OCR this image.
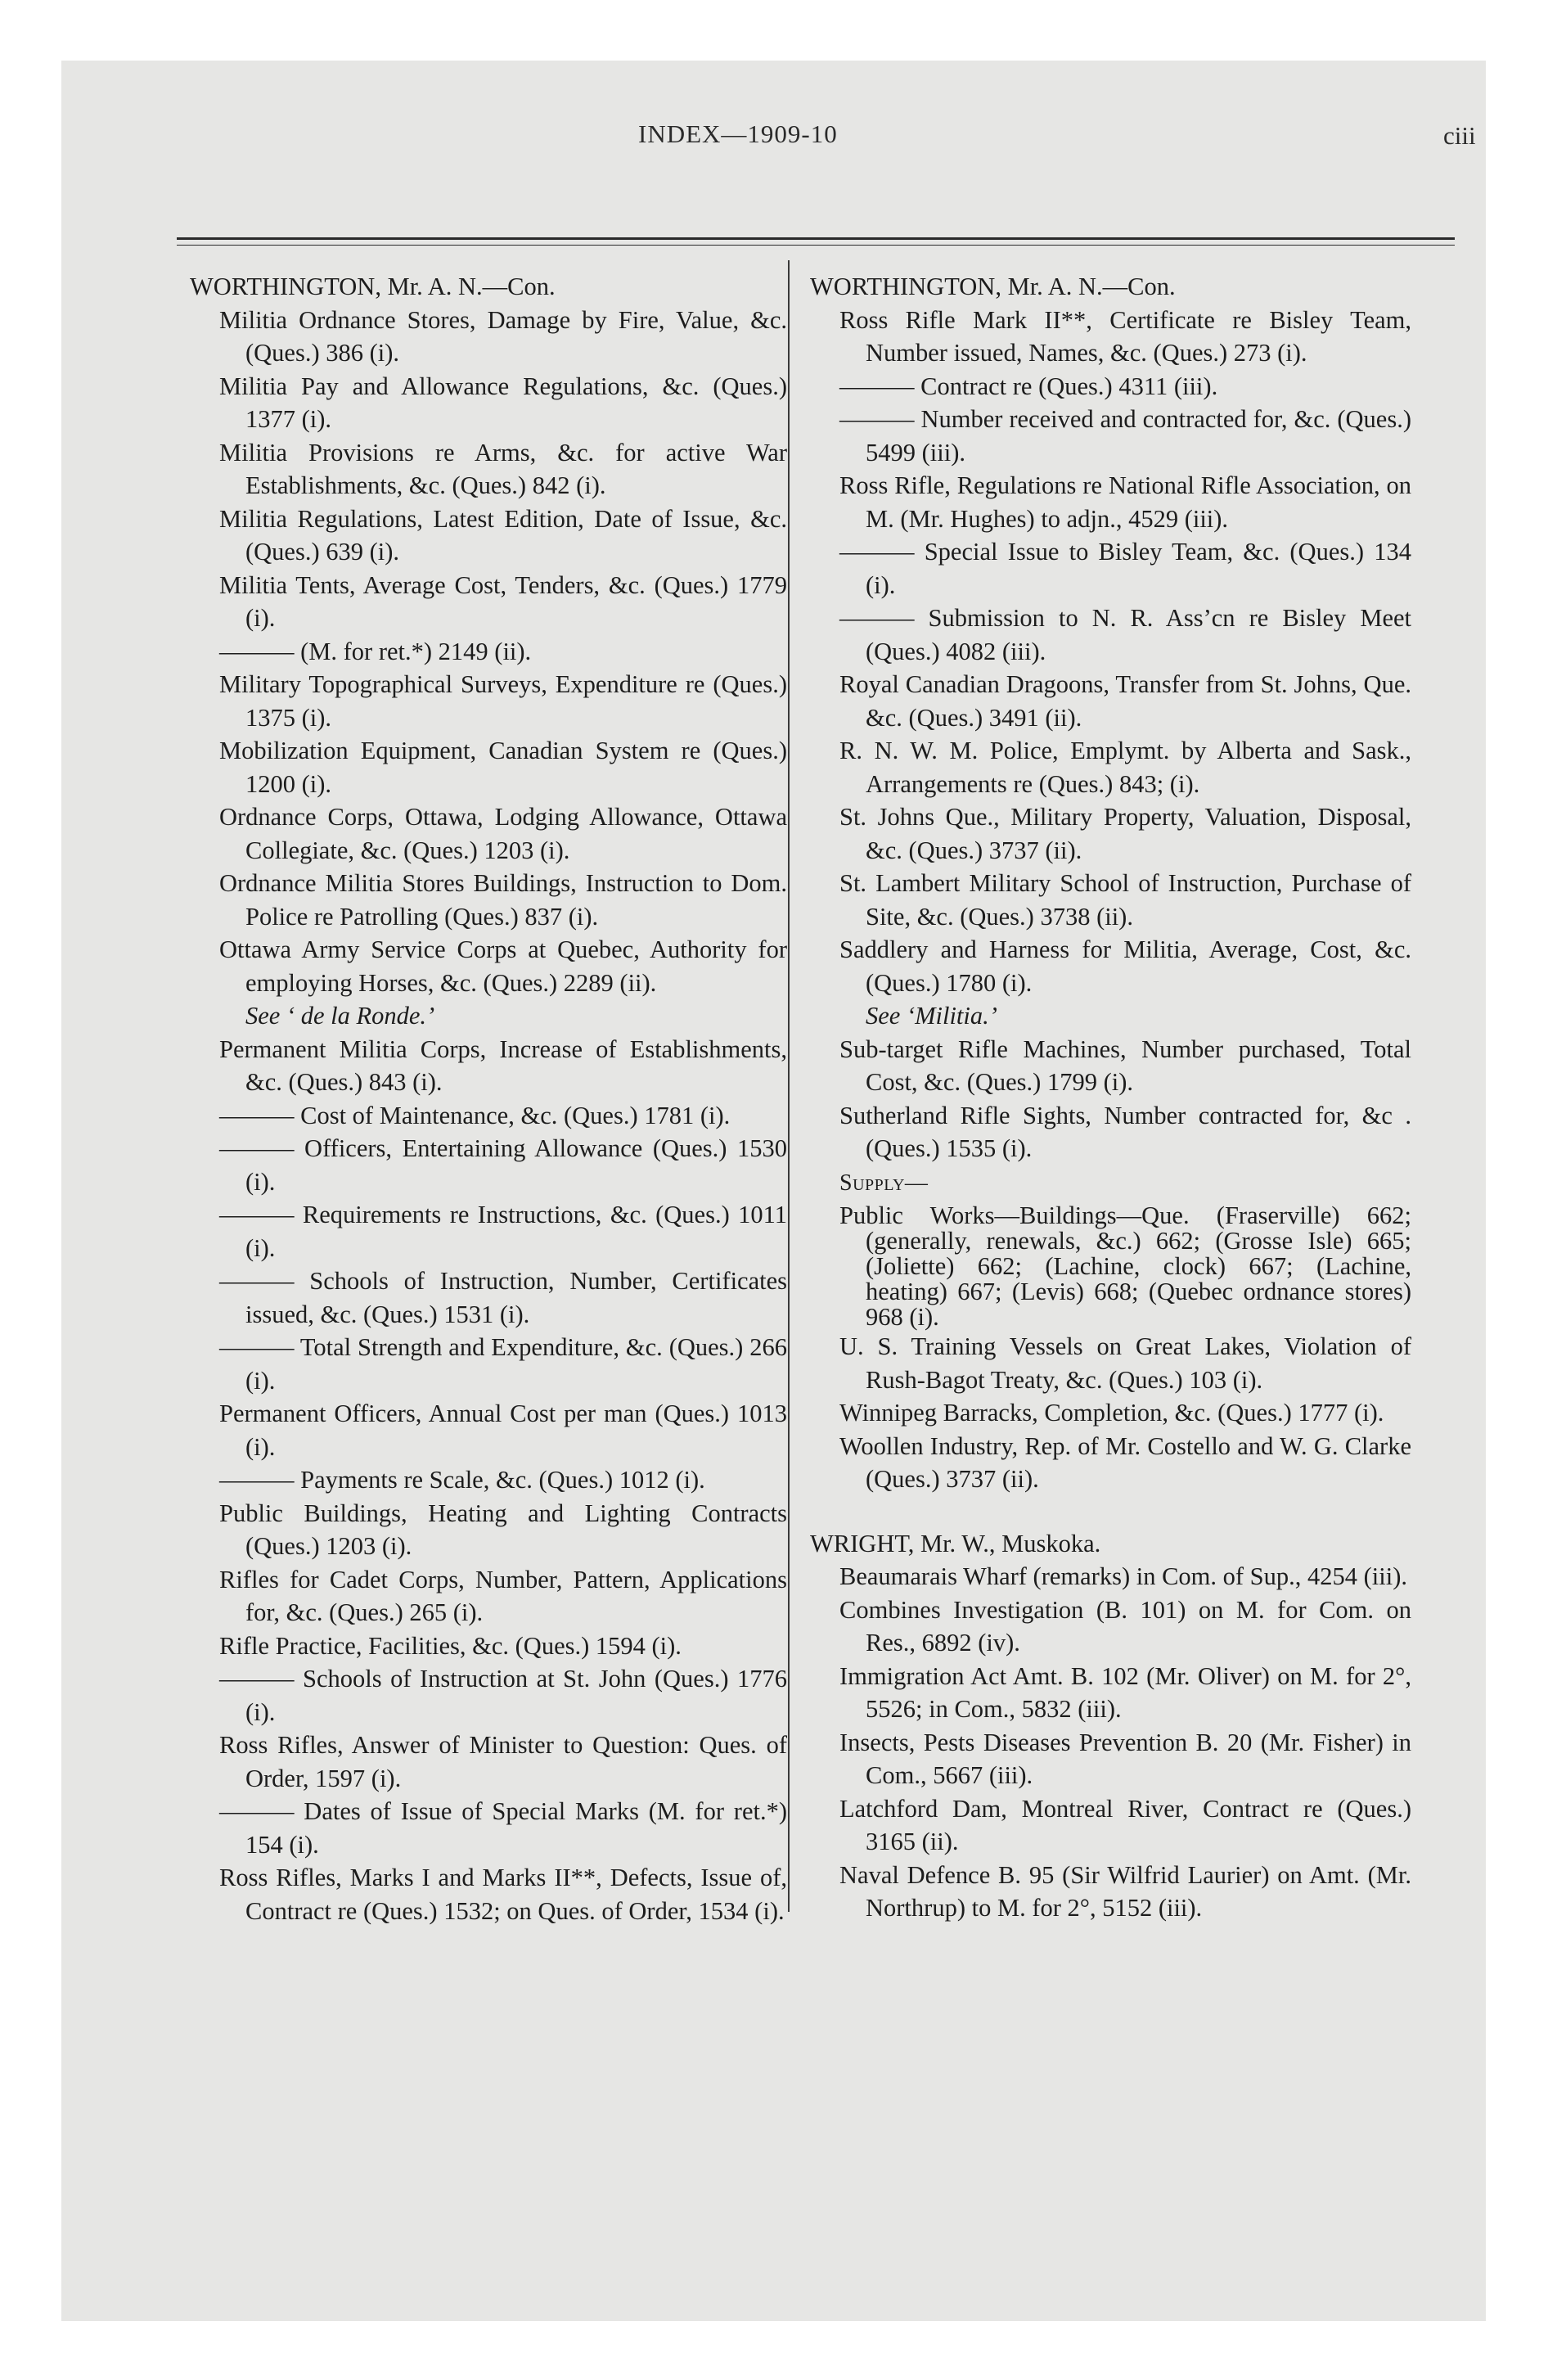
INDEX—1909-10	ciii

WORTHINGTON, Mr. A. N.—Con.

Militia Ordnance Stores, Damage by Fire, Value, &c. (Ques.) 386 (i).

Militia Pay and Allowance Regulations, &c. (Ques.) 1377 (i).

Militia Provisions re Arms, &c. for active War Establishments, &c. (Ques.) 842 (i).

Militia Regulations, Latest Edition, Date of Issue, &c. (Ques.) 639 (i).

Militia Tents, Average Cost, Tenders, &c. (Ques.) 1779 (i).

——— (M. for ret.*) 2149 (ii).

Military Topographical Surveys, Expenditure re (Ques.) 1375 (i).

Mobilization Equipment, Canadian System re (Ques.) 1200 (i).

Ordnance Corps, Ottawa, Lodging Allowance, Ottawa Collegiate, &c. (Ques.) 1203 (i).

Ordnance Militia Stores Buildings, Instruction to Dom. Police re Patrolling (Ques.) 837 (i).

Ottawa Army Service Corps at Quebec, Authority for employing Horses, &c. (Ques.) 2289 (ii).

See ‘ de la Ronde.’

Permanent Militia Corps, Increase of Establishments, &c. (Ques.) 843 (i).

——— Cost of Maintenance, &c. (Ques.) 1781 (i).

——— Officers, Entertaining Allowance (Ques.) 1530 (i).

——— Requirements re Instructions, &c. (Ques.) 1011 (i).

——— Schools of Instruction, Number, Certificates issued, &c. (Ques.) 1531 (i).

——— Total Strength and Expenditure, &c. (Ques.) 266 (i).

Permanent Officers, Annual Cost per man (Ques.) 1013 (i).

——— Payments re Scale, &c. (Ques.) 1012 (i).

Public Buildings, Heating and Lighting Contracts (Ques.) 1203 (i).

Rifles for Cadet Corps, Number, Pattern, Applications for, &c. (Ques.) 265 (i).

Rifle Practice, Facilities, &c. (Ques.) 1594 (i).

——— Schools of Instruction at St. John (Ques.) 1776 (i).

Ross Rifles, Answer of Minister to Question: Ques. of Order, 1597 (i).

——— Dates of Issue of Special Marks (M. for ret.*) 154 (i).

Ross Rifles, Marks I and Marks II**, Defects, Issue of, Contract re (Ques.) 1532; on Ques. of Order, 1534 (i).

WORTHINGTON, Mr. A. N.—Con.

Ross Rifle Mark II**, Certificate re Bisley Team, Number issued, Names, &c. (Ques.) 273 (i).

——— Contract re (Ques.) 4311 (iii).

——— Number received and contracted for, &c. (Ques.) 5499 (iii).

Ross Rifle, Regulations re National Rifle Association, on M. (Mr. Hughes) to adjn., 4529 (iii).

——— Special Issue to Bisley Team, &c. (Ques.) 134 (i).

——— Submission to N. R. Ass’cn re Bisley Meet (Ques.) 4082 (iii).

Royal Canadian Dragoons, Transfer from St. Johns, Que. &c. (Ques.) 3491 (ii).

R. N. W. M. Police, Emplymt. by Alberta and Sask., Arrangements re (Ques.) 843; (i).

St. Johns Que., Military Property, Valuation, Disposal, &c. (Ques.) 3737 (ii).

St. Lambert Military School of Instruction, Purchase of Site, &c. (Ques.) 3738 (ii).

Saddlery and Harness for Militia, Average, Cost, &c. (Ques.) 1780 (i).

See ‘Militia.’

Sub-target Rifle Machines, Number purchased, Total Cost, &c. (Ques.) 1799 (i).

Sutherland Rifle Sights, Number contracted for, &c .(Ques.) 1535 (i).

Supply—

Public Works—Buildings—Que. (Fraserville) 662; (generally, renewals, &c.) 662; (Grosse Isle) 665; (Joliette) 662; (Lachine, clock) 667; (Lachine, heating) 667; (Levis) 668; (Quebec ordnance stores) 968 (i).

U. S. Training Vessels on Great Lakes, Violation of Rush-Bagot Treaty, &c. (Ques.) 103 (i).

Winnipeg Barracks, Completion, &c. (Ques.) 1777 (i).

Woollen Industry, Rep. of Mr. Costello and W. G. Clarke (Ques.) 3737 (ii).

WRIGHT, Mr. W., Muskoka.

Beaumarais Wharf (remarks) in Com. of Sup., 4254 (iii).

Combines Investigation (B. 101) on M. for Com. on Res., 6892 (iv).

Immigration Act Amt. B. 102 (Mr. Oliver) on M. for 2°, 5526; in Com., 5832 (iii).

Insects, Pests Diseases Prevention B. 20 (Mr. Fisher) in Com., 5667 (iii).

Latchford Dam, Montreal River, Contract re (Ques.) 3165 (ii).

Naval Defence B. 95 (Sir Wilfrid Laurier) on Amt. (Mr. Northrup) to M. for 2°, 5152 (iii).
